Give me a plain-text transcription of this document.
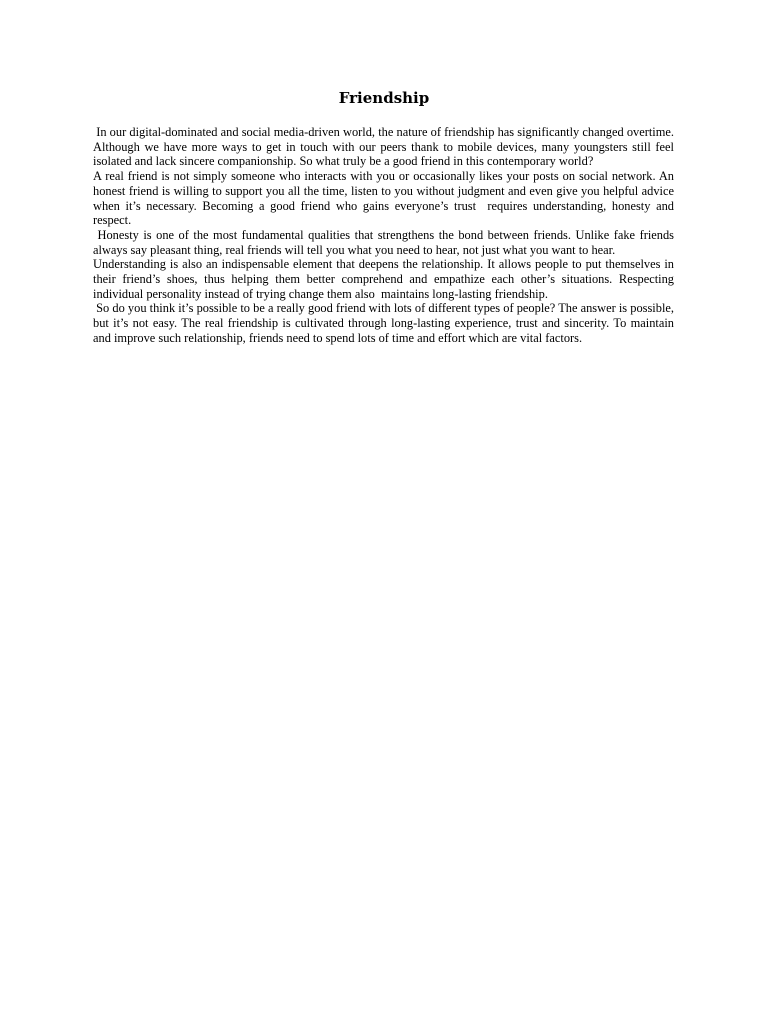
Friendship

In our digital-dominated and social media-driven world, the nature of friendship has significantly changed overtime. Although we have more ways to get in touch with our peers thank to mobile devices, many youngsters still feel isolated and lack sincere companionship. So what truly be a good friend in this contemporary world?

A real friend is not simply someone who interacts with you or occasionally likes your posts on social network. An honest friend is willing to support you all the time, listen to you without judgment and even give you helpful advice when it’s necessary. Becoming a good friend who gains everyone’s trust  requires understanding, honesty and respect.

Honesty is one of the most fundamental qualities that strengthens the bond between friends. Unlike fake friends always say pleasant thing, real friends will tell you what you need to hear, not just what you want to hear.

Understanding is also an indispensable element that deepens the relationship. It allows people to put themselves in their friend’s shoes, thus helping them better comprehend and empathize each other’s situations. Respecting individual personality instead of trying change them also  maintains long-lasting friendship.

So do you think it’s possible to be a really good friend with lots of different types of people? The answer is possible, but it’s not easy. The real friendship is cultivated through long-lasting experience, trust and sincerity. To maintain and improve such relationship, friends need to spend lots of time and effort which are vital factors.
